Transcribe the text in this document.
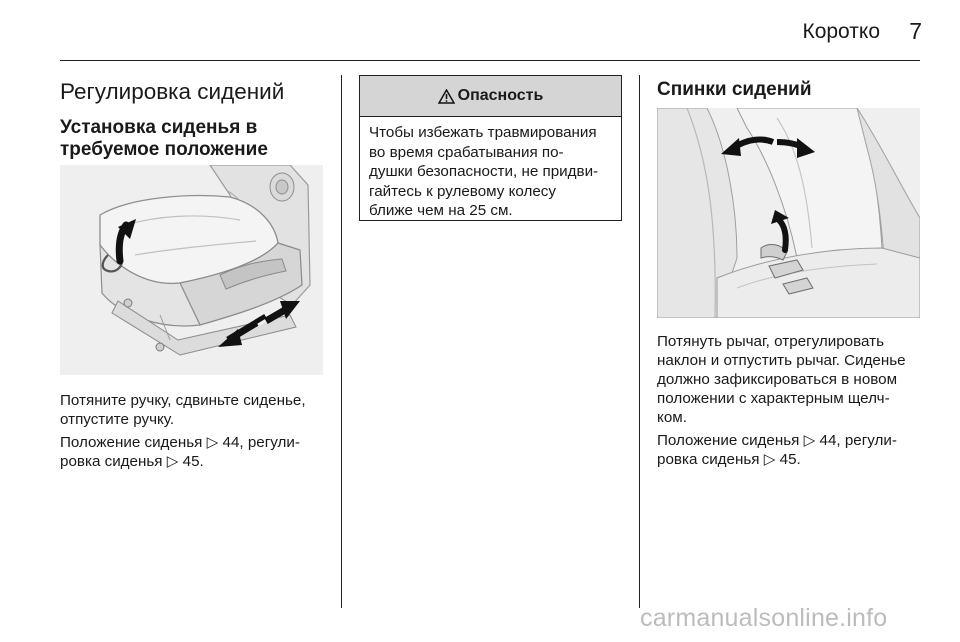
Коротко	7
Регулировка сидений
Установка сиденья в
требуемое положение

Потяните ручку, сдвиньте сиденье,

отпустите ручку.

Положение сиденья ▷ 44, регули-

ровка сиденья ▷ 45.

Опасность
Чтобы избежать травмирования
во время срабатывания по-
душки безопасности, не придви-
гайтесь к рулевому колесу
ближе чем на 25 см.
Спинки сидений

Потянуть рычаг, отрегулировать

наклон и отпустить рычаг. Сиденье

должно зафиксироваться в новом

положении с характерным щелч-

ком.

Положение сиденья ▷ 44, регули-

ровка сиденья ▷ 45.

carmanualsonline.info
